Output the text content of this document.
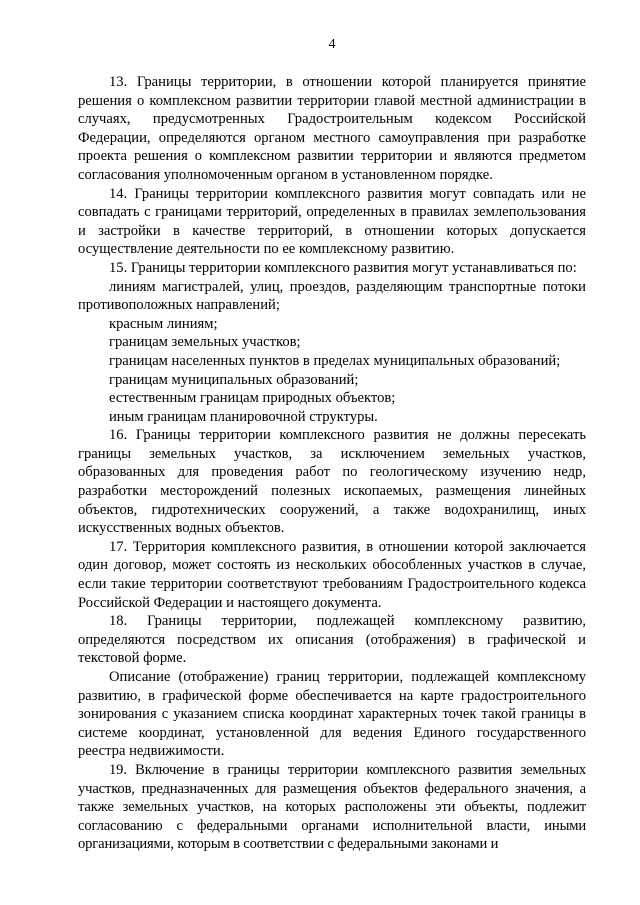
4

13. Границы территории, в отношении которой планируется принятие решения о комплексном развитии территории главой местной администрации в случаях, предусмотренных Градостроительным кодексом Российской Федерации, определяются органом местного самоуправления при разработке проекта решения о комплексном развитии территории и являются предметом согласования уполномоченным органом в установленном порядке.

14. Границы территории комплексного развития могут совпадать или не совпадать с границами территорий, определенных в правилах землепользования и застройки в качестве территорий, в отношении которых допускается осуществление деятельности по ее комплексному развитию.

15. Границы территории комплексного развития могут устанавливаться по:

линиям магистралей, улиц, проездов, разделяющим транспортные потоки противоположных направлений;

красным линиям;

границам земельных участков;

границам населенных пунктов в пределах муниципальных образований;

границам муниципальных образований;

естественным границам природных объектов;

иным границам планировочной структуры.

16. Границы территории комплексного развития не должны пересекать границы земельных участков, за исключением земельных участков, образованных для проведения работ по геологическому изучению недр, разработки месторождений полезных ископаемых, размещения линейных объектов, гидротехнических сооружений, а также водохранилищ, иных искусственных водных объектов.

17. Территория комплексного развития, в отношении которой заключается один договор, может состоять из нескольких обособленных участков в случае, если такие территории соответствуют требованиям Градостроительного кодекса Российской Федерации и настоящего документа.

18. Границы территории, подлежащей комплексному развитию, определяются посредством их описания (отображения) в графической и текстовой форме.

Описание (отображение) границ территории, подлежащей комплексному развитию, в графической форме обеспечивается на карте градостроительного зонирования с указанием списка координат характерных точек такой границы в системе координат, установленной для ведения Единого государственного реестра недвижимости.

19. Включение в границы территории комплексного развития земельных участков, предназначенных для размещения объектов федерального значения, а также земельных участков, на которых расположены эти объекты, подлежит согласованию с федеральными органами исполнительной власти, иными организациями, которым в соответствии с федеральными законами и
